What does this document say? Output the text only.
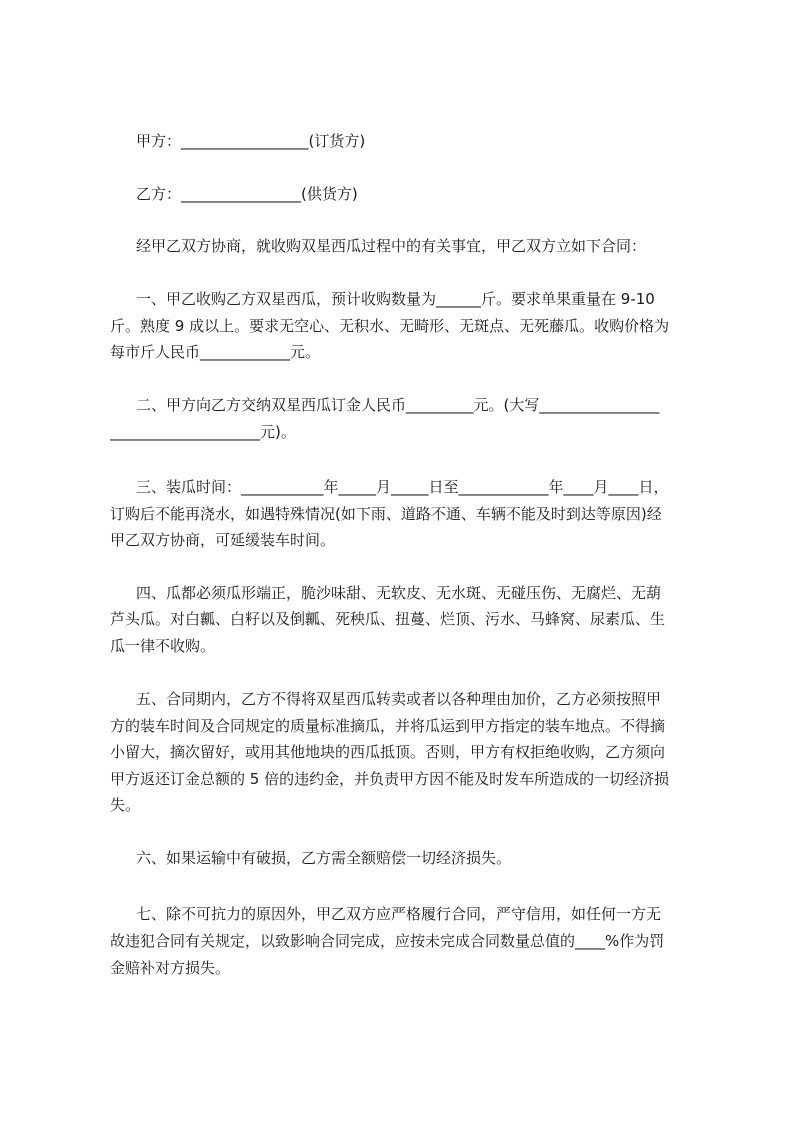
甲方：_________________(订货方)
乙方：________________(供货方)
经甲乙双方协商，就收购双星西瓜过程中的有关事宜，甲乙双方立如下合同：
一、甲乙收购乙方双星西瓜，预计收购数量为______斤。要求单果重量在 9-10
斤。熟度 9 成以上。要求无空心、无积水、无畸形、无斑点、无死藤瓜。收购价格为
每市斤人民币____________元。
二、甲方向乙方交纳双星西瓜订金人民币_________元。(大写________________
____________________元)。
三、装瓜时间：___________年_____月_____日至____________年____月____日，
订购后不能再浇水，如遇特殊情况(如下雨、道路不通、车辆不能及时到达等原因)经
甲乙双方协商，可延缓装车时间。
四、瓜都必须瓜形端正，脆沙味甜、无软皮、无水斑、无碰压伤、无腐烂、无葫
芦头瓜。对白瓤、白籽以及倒瓤、死秧瓜、扭蔓、烂顶、污水、马蜂窝、尿素瓜、生
瓜一律不收购。
五、合同期内，乙方不得将双星西瓜转卖或者以各种理由加价，乙方必须按照甲
方的装车时间及合同规定的质量标准摘瓜，并将瓜运到甲方指定的装车地点。不得摘
小留大，摘次留好，或用其他地块的西瓜抵顶。否则，甲方有权拒绝收购，乙方须向
甲方返还订金总额的 5 倍的违约金，并负责甲方因不能及时发车所造成的一切经济损
失。
六、如果运输中有破损，乙方需全额赔偿一切经济损失。
七、除不可抗力的原因外，甲乙双方应严格履行合同，严守信用，如任何一方无
故违犯合同有关规定，以致影响合同完成，应按未完成合同数量总值的____%作为罚
金赔补对方损失。
